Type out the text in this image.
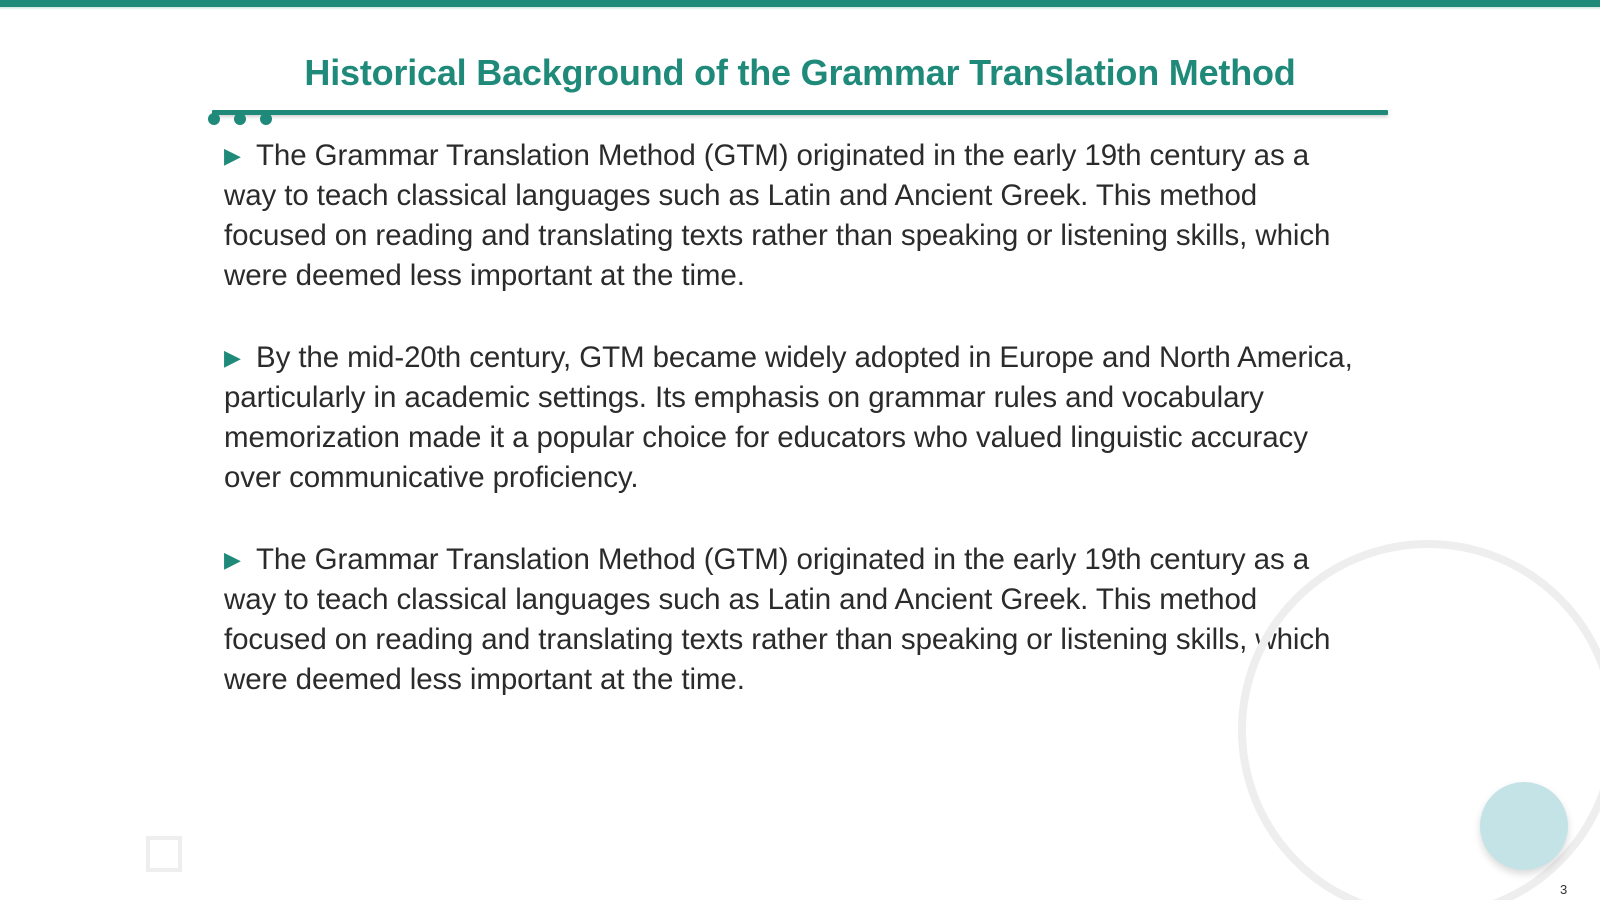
Historical Background of the Grammar Translation Method

▶ The Grammar Translation Method (GTM) originated in the early 19th century as a way to teach classical languages such as Latin and Ancient Greek. This method focused on reading and translating texts rather than speaking or listening skills, which were deemed less important at the time.

▶ By the mid-20th century, GTM became widely adopted in Europe and North America, particularly in academic settings. Its emphasis on grammar rules and vocabulary memorization made it a popular choice for educators who valued linguistic accuracy over communicative proficiency.

▶ The Grammar Translation Method (GTM) originated in the early 19th century as a way to teach classical languages such as Latin and Ancient Greek. This method focused on reading and translating texts rather than speaking or listening skills, which were deemed less important at the time.

3
